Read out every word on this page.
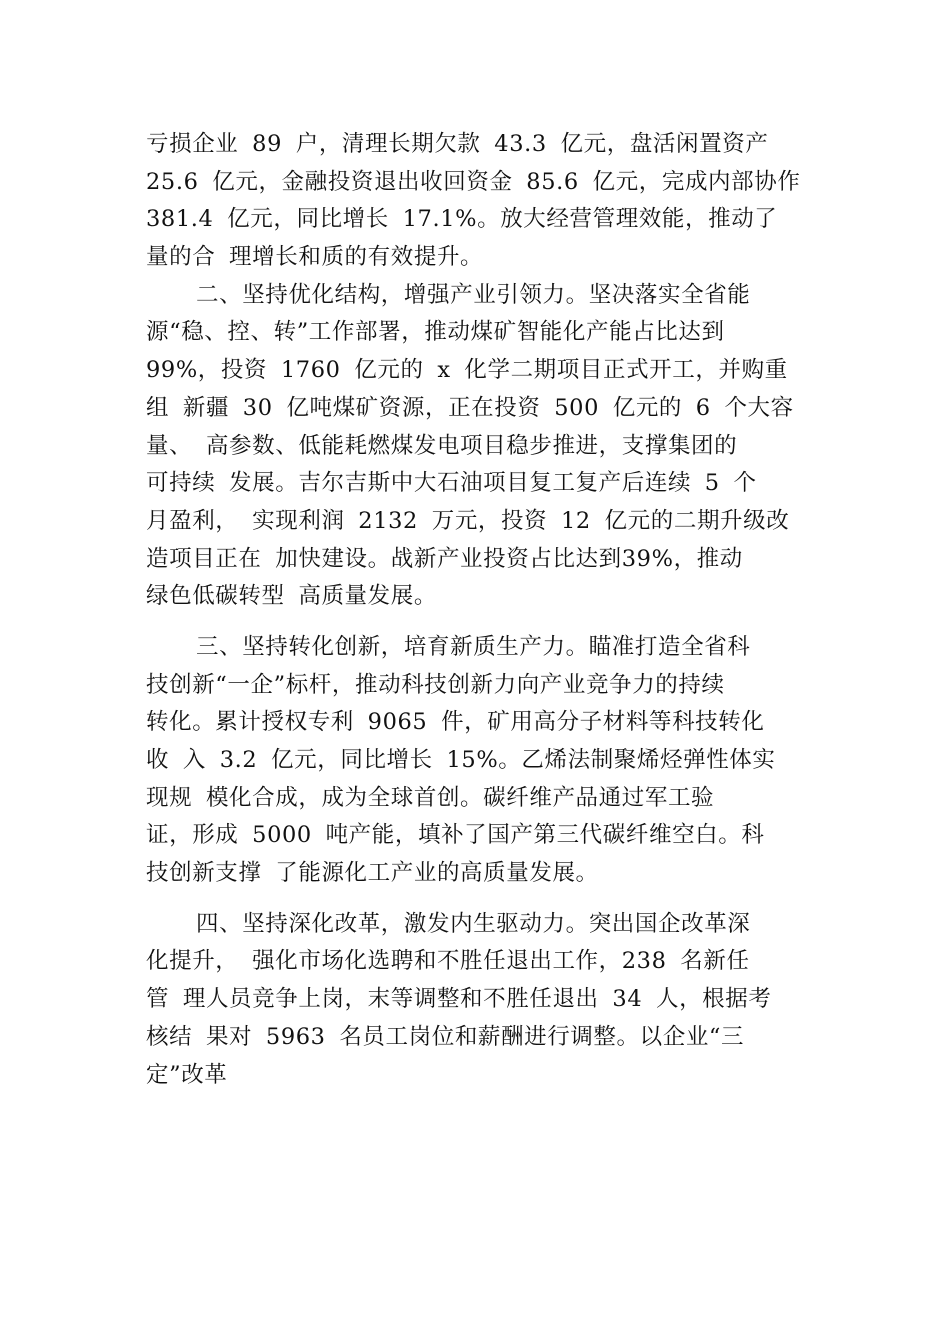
亏损企业 89 户，清理长期欠款 43.3 亿元，盘活闲置资产
25.6 亿元，金融投资退出收回资金 85.6 亿元，完成内部协作
381.4 亿元，同比增长 17.1%。放大经营管理效能，推动了
量的合 理增长和质的有效提升。
二、坚持优化结构，增强产业引领力。坚决落实全省能
源“稳、控、转”工作部署，推动煤矿智能化产能占比达到
99%，投资 1760 亿元的 x 化学二期项目正式开工，并购重
组 新疆 30 亿吨煤矿资源，正在投资 500 亿元的 6 个大容
量、 高参数、低能耗燃煤发电项目稳步推进，支撑集团的
可持续 发展。吉尔吉斯中大石油项目复工复产后连续 5 个
月盈利， 实现利润 2132 万元，投资 12 亿元的二期升级改
造项目正在 加快建设。战新产业投资占比达到39%，推动
绿色低碳转型 高质量发展。
三、坚持转化创新，培育新质生产力。瞄准打造全省科
技创新“一企”标杆，推动科技创新力向产业竞争力的持续
转化。累计授权专利 9065 件，矿用高分子材料等科技转化
收 入 3.2 亿元，同比增长 15%。乙烯法制聚烯烃弹性体实
现规 模化合成，成为全球首创。碳纤维产品通过军工验
证，形成 5000 吨产能，填补了国产第三代碳纤维空白。科
技创新支撑 了能源化工产业的高质量发展。
四、坚持深化改革，激发内生驱动力。突出国企改革深
化提升， 强化市场化选聘和不胜任退出工作，238 名新任
管 理人员竞争上岗，末等调整和不胜任退出 34 人，根据考
核结 果对 5963 名员工岗位和薪酬进行调整。以企业“三
定”改革
